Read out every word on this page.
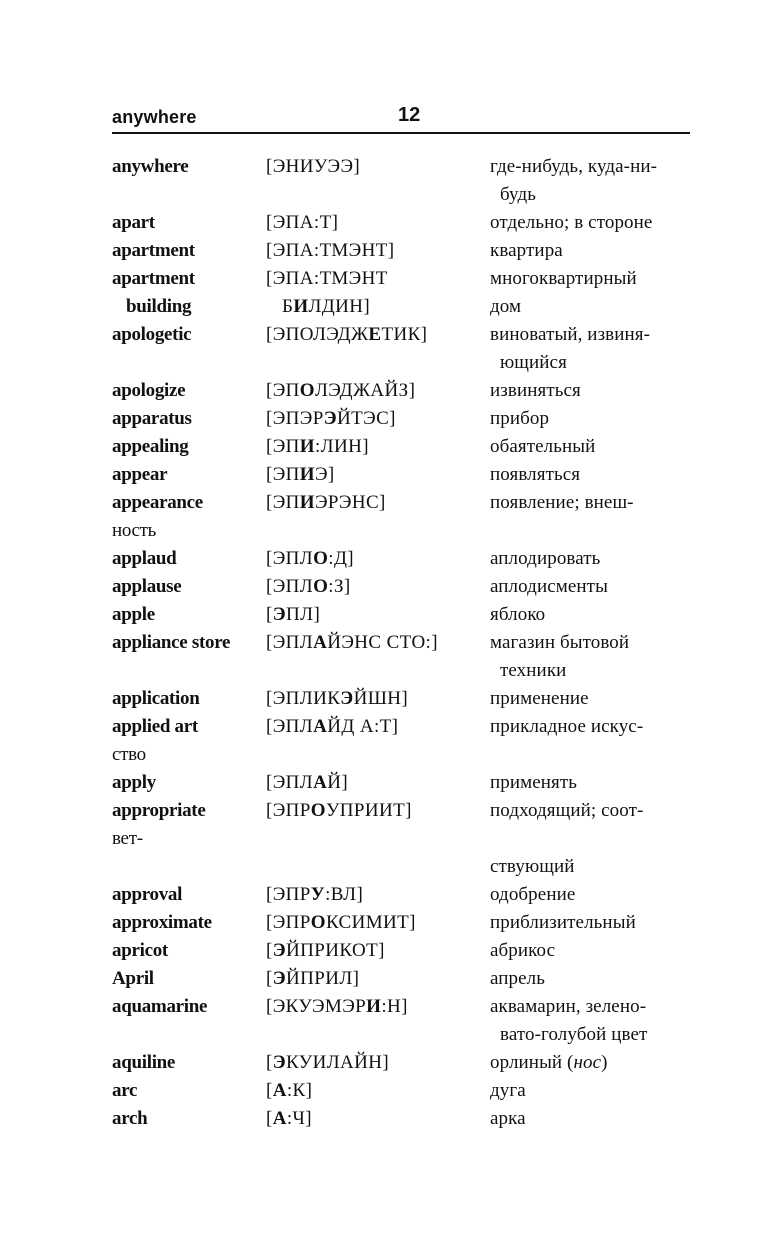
anywhere	12
anywhere	[ЭНИУЭЭ]	где-нибудь, куда-ни-
будь
apart	[ЭПА:Т]	отдельно; в стороне
apartment	[ЭПА:ТМЭНТ]	квартира
apartment	[ЭПА:ТМЭНТ	многоквартирный
building	БИЛДИН]	дом
apologetic	[ЭПОЛЭДЖЕТИК]	виноватый, извиня-
ющийся
apologize	[ЭПОЛЭДЖАЙЗ]	извиняться
apparatus	[ЭПЭРЭЙТЭС]	прибор
appealing	[ЭПИ:ЛИН]	обаятельный
appear	[ЭПИЭ]	появляться
appearance	[ЭПИЭРЭНС]	появление; внеш-
ность
applaud	[ЭПЛО:Д]	аплодировать
applause	[ЭПЛО:З]	аплодисменты
apple	[ЭПЛ]	яблоко
appliance store [ЭПЛАЙЭНС СТО:]	магазин бытовой
техники
application	[ЭПЛИКЭЙШН]	применение
applied art	[ЭПЛАЙД А:Т]	прикладное искус-
ство
apply	[ЭПЛАЙ]	применять
appropriate	[ЭПРОУПРИИТ]	подходящий; соот-
вет-
ствующий
approval	[ЭПРУ:ВЛ]	одобрение
approximate	[ЭПРОКСИМИТ]	приблизительный
apricot	[ЭЙПРИКОТ]	абрикос
April	[ЭЙПРИЛ]	апрель
aquamarine	[ЭКУЭМЭРИ:Н]	аквамарин, зелено-
вато-голубой цвет
aquiline	[ЭКУИЛАЙН]	орлиный (нос)
arc	[А:К]	дуга
arch	[А:Ч]	арка
